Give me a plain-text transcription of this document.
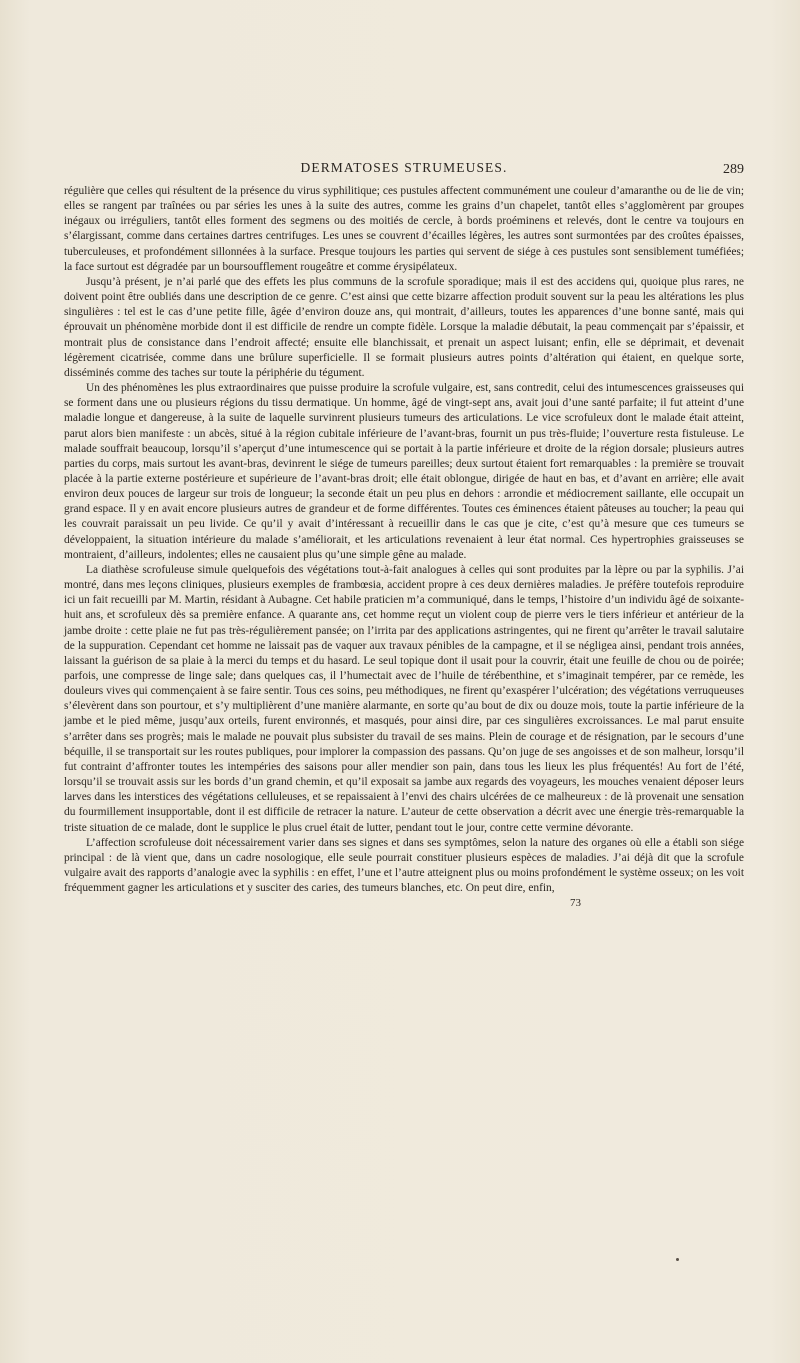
DERMATOSES STRUMEUSES.	289

régulière que celles qui résultent de la présence du virus syphilitique; ces pustules affectent communément une couleur d’amaranthe ou de lie de vin; elles se rangent par traînées ou par séries les unes à la suite des autres, comme les grains d’un chapelet, tantôt elles s’agglomèrent par groupes inégaux ou irréguliers, tantôt elles forment des segmens ou des moitiés de cercle, à bords proéminens et relevés, dont le centre va toujours en s’élargissant, comme dans certaines dartres centrifuges. Les unes se couvrent d’écailles légères, les autres sont surmontées par des croûtes épaisses, tuberculeuses, et profondément sillonnées à la surface. Presque toujours les parties qui servent de siége à ces pustules sont sensiblement tuméfiées; la face surtout est dégradée par un boursoufflement rougeâtre et comme érysipélateux.

Jusqu’à présent, je n’ai parlé que des effets les plus communs de la scrofule sporadique; mais il est des accidens qui, quoique plus rares, ne doivent point être oubliés dans une description de ce genre. C’est ainsi que cette bizarre affection produit souvent sur la peau les altérations les plus singulières : tel est le cas d’une petite fille, âgée d’environ douze ans, qui montrait, d’ailleurs, toutes les apparences d’une bonne santé, mais qui éprouvait un phénomène morbide dont il est difficile de rendre un compte fidèle. Lorsque la maladie débutait, la peau commençait par s’épaissir, et montrait plus de consistance dans l’endroit affecté; ensuite elle blanchissait, et prenait un aspect luisant; enfin, elle se déprimait, et devenait légèrement cicatrisée, comme dans une brûlure superficielle. Il se formait plusieurs autres points d’altération qui étaient, en quelque sorte, disséminés comme des taches sur toute la périphérie du tégument.

Un des phénomènes les plus extraordinaires que puisse produire la scrofule vulgaire, est, sans contredit, celui des intumescences graisseuses qui se forment dans une ou plusieurs régions du tissu dermatique. Un homme, âgé de vingt-sept ans, avait joui d’une santé parfaite; il fut atteint d’une maladie longue et dangereuse, à la suite de laquelle survinrent plusieurs tumeurs des articulations. Le vice scrofuleux dont le malade était atteint, parut alors bien manifeste : un abcès, situé à la région cubitale inférieure de l’avant-bras, fournit un pus très-fluide; l’ouverture resta fistuleuse. Le malade souffrait beaucoup, lorsqu’il s’aperçut d’une intumescence qui se portait à la partie inférieure et droite de la région dorsale; plusieurs autres parties du corps, mais surtout les avant-bras, devinrent le siége de tumeurs pareilles; deux surtout étaient fort remarquables : la première se trouvait placée à la partie externe postérieure et supérieure de l’avant-bras droit; elle était oblongue, dirigée de haut en bas, et d’avant en arrière; elle avait environ deux pouces de largeur sur trois de longueur; la seconde était un peu plus en dehors : arrondie et médiocrement saillante, elle occupait un grand espace. Il y en avait encore plusieurs autres de grandeur et de forme différentes. Toutes ces éminences étaient pâteuses au toucher; la peau qui les couvrait paraissait un peu livide. Ce qu’il y avait d’intéressant à recueillir dans le cas que je cite, c’est qu’à mesure que ces tumeurs se développaient, la situation intérieure du malade s’améliorait, et les articulations revenaient à leur état normal. Ces hypertrophies graisseuses se montraient, d’ailleurs, indolentes; elles ne causaient plus qu’une simple gêne au malade.

La diathèse scrofuleuse simule quelquefois des végétations tout-à-fait analogues à celles qui sont produites par la lèpre ou par la syphilis. J’ai montré, dans mes leçons cliniques, plusieurs exemples de frambœsia, accident propre à ces deux dernières maladies. Je préfère toutefois reproduire ici un fait recueilli par M. Martin, résidant à Aubagne. Cet habile praticien m’a communiqué, dans le temps, l’histoire d’un individu âgé de soixante-huit ans, et scrofuleux dès sa première enfance. A quarante ans, cet homme reçut un violent coup de pierre vers le tiers inférieur et antérieur de la jambe droite : cette plaie ne fut pas très-régulièrement pansée; on l’irrita par des applications astringentes, qui ne firent qu’arrêter le travail salutaire de la suppuration. Cependant cet homme ne laissait pas de vaquer aux travaux pénibles de la campagne, et il se négligea ainsi, pendant trois années, laissant la guérison de sa plaie à la merci du temps et du hasard. Le seul topique dont il usait pour la couvrir, était une feuille de chou ou de poirée; parfois, une compresse de linge sale; dans quelques cas, il l’humectait avec de l’huile de térébenthine, et s’imaginait tempérer, par ce remède, les douleurs vives qui commençaient à se faire sentir. Tous ces soins, peu méthodiques, ne firent qu’exaspérer l’ulcération; des végétations verruqueuses s’élevèrent dans son pourtour, et s’y multiplièrent d’une manière alarmante, en sorte qu’au bout de dix ou douze mois, toute la partie inférieure de la jambe et le pied même, jusqu’aux orteils, furent environnés, et masqués, pour ainsi dire, par ces singulières excroissances. Le mal parut ensuite s’arrêter dans ses progrès; mais le malade ne pouvait plus subsister du travail de ses mains. Plein de courage et de résignation, par le secours d’une béquille, il se transportait sur les routes publiques, pour implorer la compassion des passans. Qu’on juge de ses angoisses et de son malheur, lorsqu’il fut contraint d’affronter toutes les intempéries des saisons pour aller mendier son pain, dans tous les lieux les plus fréquentés! Au fort de l’été, lorsqu’il se trouvait assis sur les bords d’un grand chemin, et qu’il exposait sa jambe aux regards des voyageurs, les mouches venaient déposer leurs larves dans les interstices des végétations celluleuses, et se repaissaient à l’envi des chairs ulcérées de ce malheureux : de là provenait une sensation du fourmillement insupportable, dont il est difficile de retracer la nature. L’auteur de cette observation a décrit avec une énergie très-remarquable la triste situation de ce malade, dont le supplice le plus cruel était de lutter, pendant tout le jour, contre cette vermine dévorante.

L’affection scrofuleuse doit nécessairement varier dans ses signes et dans ses symptômes, selon la nature des organes où elle a établi son siége principal : de là vient que, dans un cadre nosologique, elle seule pourrait constituer plusieurs espèces de maladies. J’ai déjà dit que la scrofule vulgaire avait des rapports d’analogie avec la syphilis : en effet, l’une et l’autre atteignent plus ou moins profondément le système osseux; on les voit fréquemment gagner les articulations et y susciter des caries, des tumeurs blanches, etc. On peut dire, enfin,

73
